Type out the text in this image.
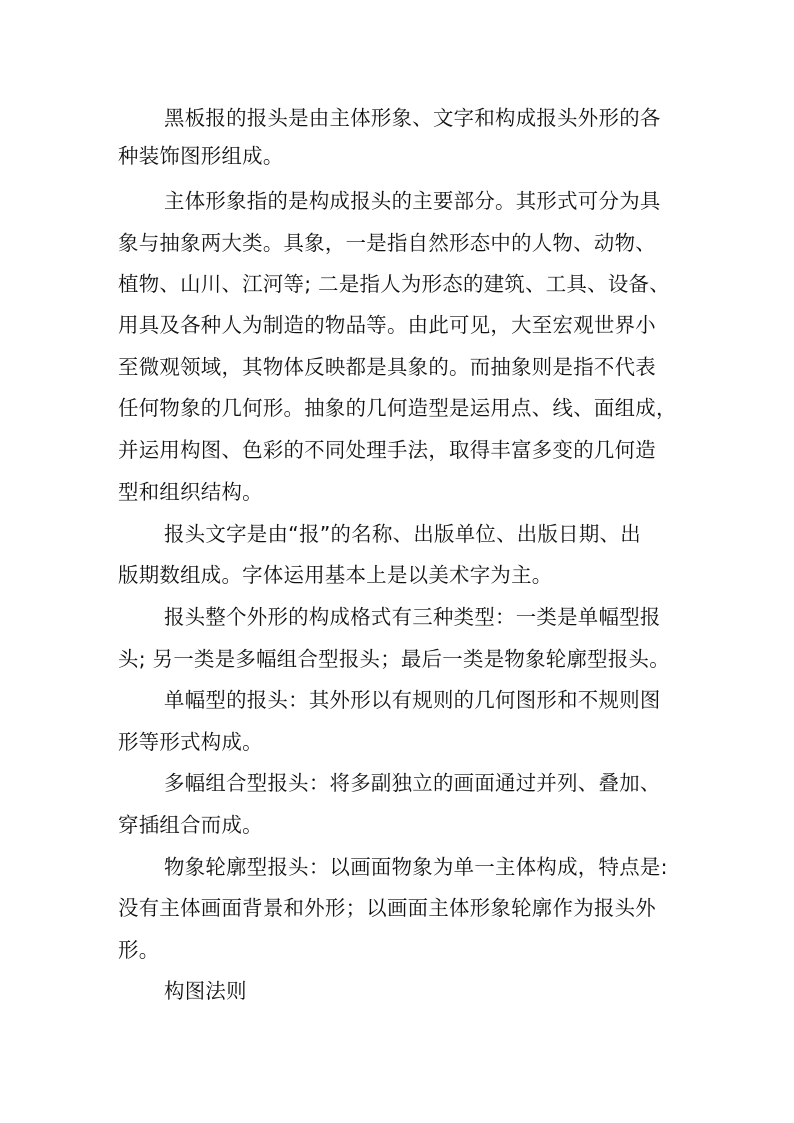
黑板报的报头是由主体形象、文字和构成报头外形的各
种装饰图形组成。
主体形象指的是构成报头的主要部分。其形式可分为具
象与抽象两大类。具象，一是指自然形态中的人物、动物、
植物、山川、江河等; 二是指人为形态的建筑、工具、设备、
用具及各种人为制造的物品等。由此可见，大至宏观世界小
至微观领域，其物体反映都是具象的。而抽象则是指不代表
任何物象的几何形。抽象的几何造型是运用点、线、面组成，
并运用构图、色彩的不同处理手法，取得丰富多变的几何造
型和组织结构。
报头文字是由“报”的名称、出版单位、出版日期、出
版期数组成。字体运用基本上是以美术字为主。
报头整个外形的构成格式有三种类型：一类是单幅型报
头; 另一类是多幅组合型报头；最后一类是物象轮廓型报头。
单幅型的报头：其外形以有规则的几何图形和不规则图
形等形式构成。
多幅组合型报头：将多副独立的画面通过并列、叠加、
穿插组合而成。
物象轮廓型报头：以画面物象为单一主体构成，特点是:
没有主体画面背景和外形；以画面主体形象轮廓作为报头外
形。
构图法则
